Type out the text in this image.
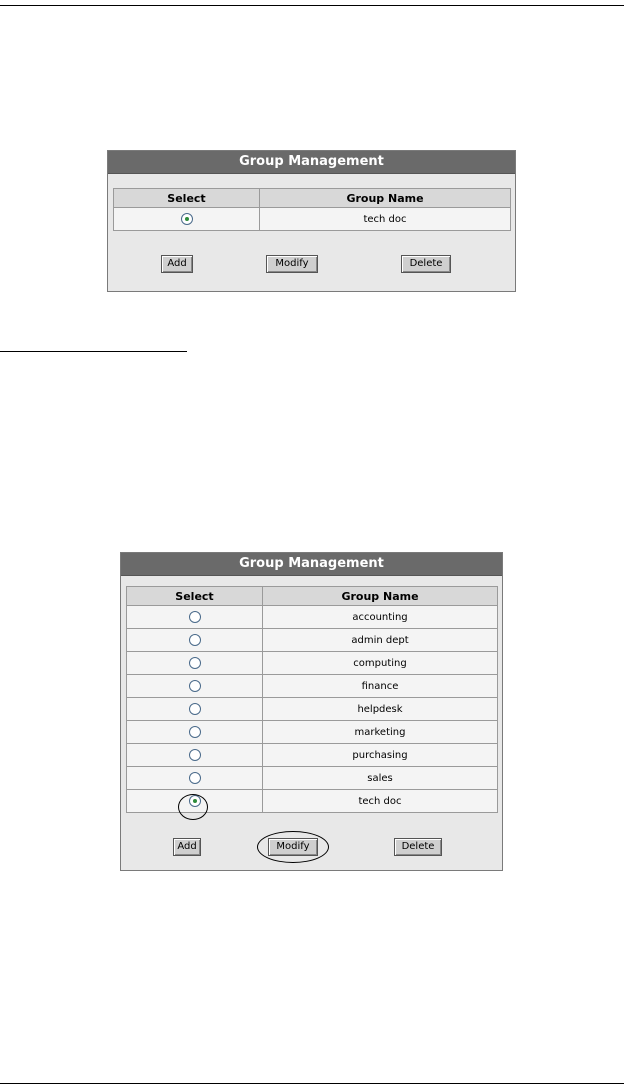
Group Management
Select	Group Name
	tech doc
Add	Modify	Delete
Group Management
Select	Group Name
	accounting
	admin dept
	computing
	finance
	helpdesk
	marketing
	purchasing
	sales
	tech doc
Add	Modify	Delete
